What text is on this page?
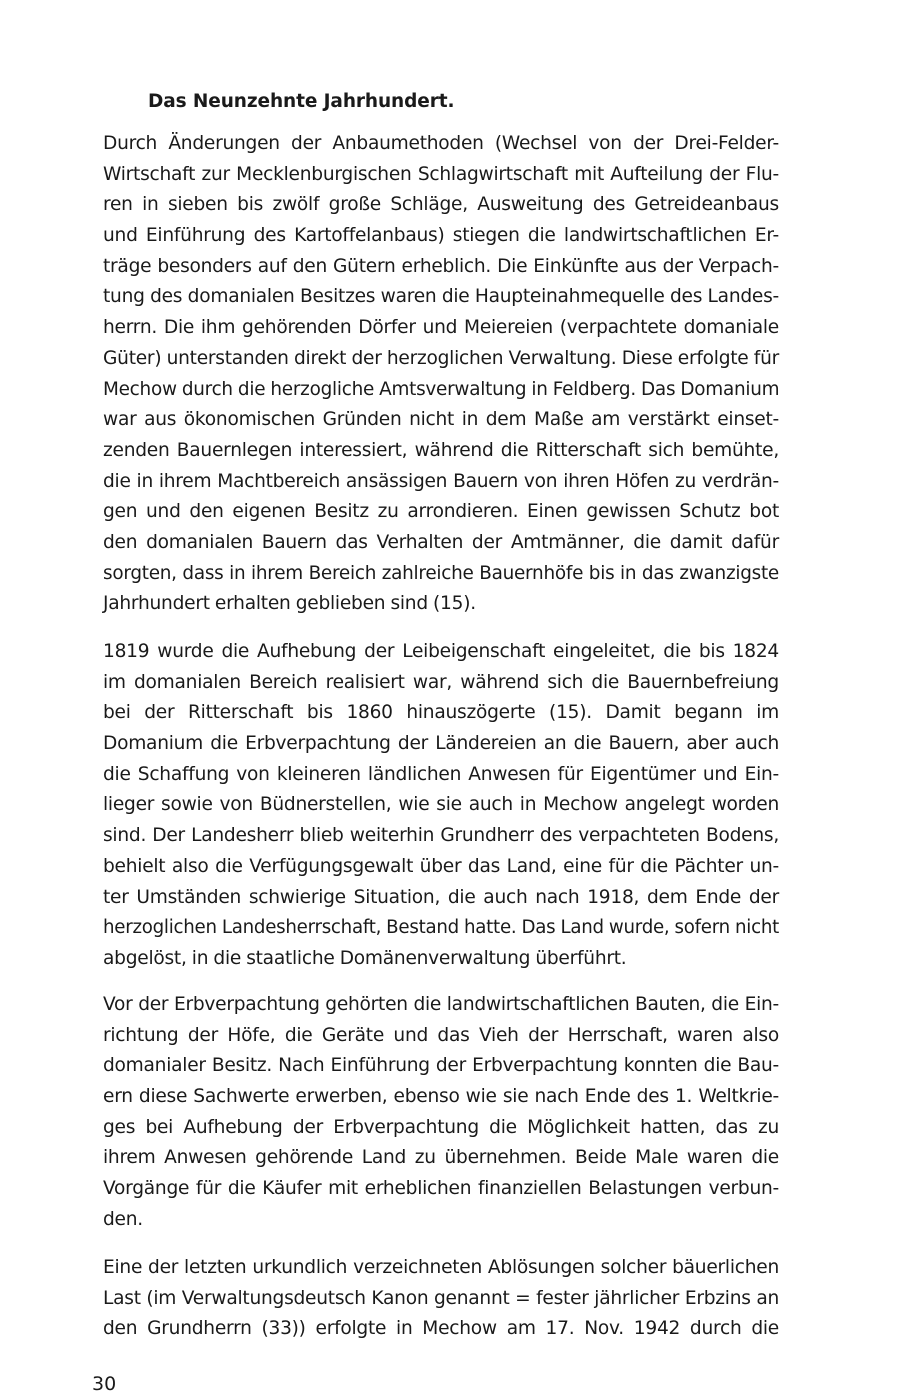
Das Neunzehnte Jahrhundert.
Durch Änderungen der Anbaumethoden (Wechsel von der Drei-Felder-
Wirtschaft zur Mecklenburgischen Schlagwirtschaft mit Aufteilung der Flu-
ren in sieben bis zwölf große Schläge, Ausweitung des Getreideanbaus
und Einführung des Kartoffelanbaus) stiegen die landwirtschaftlichen Er-
träge besonders auf den Gütern erheblich. Die Einkünfte aus der Verpach-
tung des domanialen Besitzes waren die Haupteinahmequelle des Landes-
herrn. Die ihm gehörenden Dörfer und Meiereien (verpachtete domaniale
Güter) unterstanden direkt der herzoglichen Verwaltung. Diese erfolgte für
Mechow durch die herzogliche Amtsverwaltung in Feldberg. Das Domanium
war aus ökonomischen Gründen nicht in dem Maße am verstärkt einset-
zenden Bauernlegen interessiert, während die Ritterschaft sich bemühte,
die in ihrem Machtbereich ansässigen Bauern von ihren Höfen zu verdrän-
gen und den eigenen Besitz zu arrondieren. Einen gewissen Schutz bot
den domanialen Bauern das Verhalten der Amtmänner, die damit dafür
sorgten, dass in ihrem Bereich zahlreiche Bauernhöfe bis in das zwanzigste
Jahrhundert erhalten geblieben sind (15).
1819 wurde die Aufhebung der Leibeigenschaft eingeleitet, die bis 1824
im domanialen Bereich realisiert war, während sich die Bauernbefreiung
bei der Ritterschaft bis 1860 hinauszögerte (15). Damit begann im
Domanium die Erbverpachtung der Ländereien an die Bauern, aber auch
die Schaffung von kleineren ländlichen Anwesen für Eigentümer und Ein-
lieger sowie von Büdnerstellen, wie sie auch in Mechow angelegt worden
sind. Der Landesherr blieb weiterhin Grundherr des verpachteten Bodens,
behielt also die Verfügungsgewalt über das Land, eine für die Pächter un-
ter Umständen schwierige Situation, die auch nach 1918, dem Ende der
herzoglichen Landesherrschaft, Bestand hatte. Das Land wurde, sofern nicht
abgelöst, in die staatliche Domänenverwaltung überführt.
Vor der Erbverpachtung gehörten die landwirtschaftlichen Bauten, die Ein-
richtung der Höfe, die Geräte und das Vieh der Herrschaft, waren also
domanialer Besitz. Nach Einführung der Erbverpachtung konnten die Bau-
ern diese Sachwerte erwerben, ebenso wie sie nach Ende des 1. Weltkrie-
ges bei Aufhebung der Erbverpachtung die Möglichkeit hatten, das zu
ihrem Anwesen gehörende Land zu übernehmen. Beide Male waren die
Vorgänge für die Käufer mit erheblichen finanziellen Belastungen verbun-
den.
Eine der letzten urkundlich verzeichneten Ablösungen solcher bäuerlichen
Last (im Verwaltungsdeutsch Kanon genannt = fester jährlicher Erbzins an
den Grundherrn (33)) erfolgte in Mechow am 17. Nov. 1942 durch die

30
